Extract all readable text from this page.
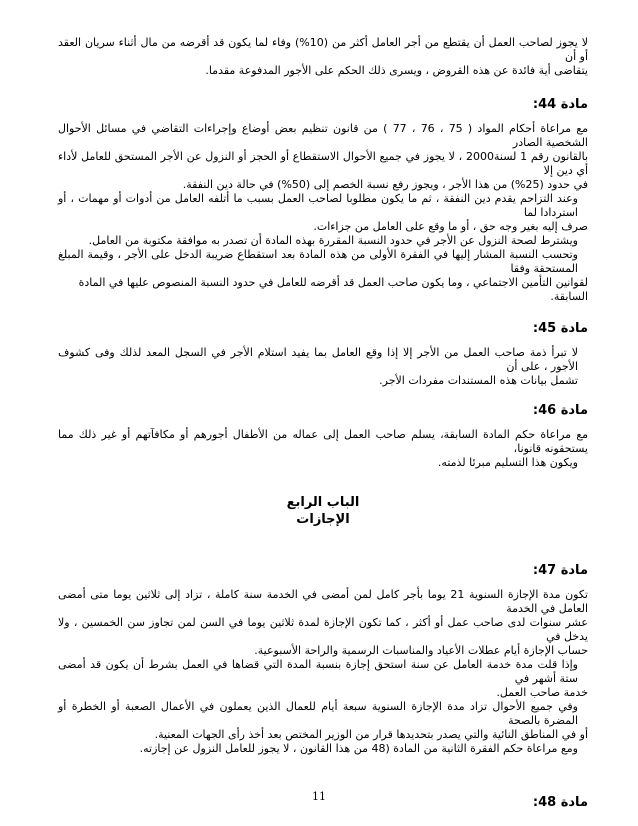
لا يجوز لصاحب العمل أن يقتطع من أجر العامل أكثر من (10%) وفاء لما يكون قد أقرضه من مال أثناء سريان العقد أو أن

يتقاضى أية فائدة عن هذه القروض ، ويسرى ذلك الحكم على الأجور المدفوعة مقدما.

مادة 44:

مع مراعاة أحكام المواد ( 75 ، 76 ، 77 ) من قانون تنظيم بعض أوضاع وإجراءات التقاضي في مسائل الأحوال الشخصية الصادر

بالقانون رقم 1 لسنة2000 ، لا يجوز في جميع الأحوال الاستقطاع أو الحجز أو النزول عن الأجر المستحق للعامل لأداء أي دين إلا

في حدود (25%) من هذا الأجر ، ويجوز رفع نسبة الخصم إلى (50%) في حالة دين النفقة.

وعند التزاحم يقدم دين النفقة ، ثم ما يكون مطلوبا لصاحب العمل بسبب ما أتلفه العامل من أدوات أو مهمات ، أو استردادا لما

صرف إليه بغير وجه حق ، أو ما وقع على العامل من جزاءات.

ويشترط لصحة النزول عن الأجر في حدود النسبة المقررة بهذه المادة أن تصدر به موافقة مكتوبة من العامل.

وتحسب النسبة المشار إليها في الفقرة الأولى من هذه المادة بعد استقطاع ضريبة الدخل على الأجر ، وقيمة المبلغ المستحقة وفقا

لقوانين التأمين الاجتماعي ، وما يكون صاحب العمل قد أقرضه للعامل في حدود النسبة المنصوص عليها في المادة السابقة.

مادة 45:

لا تبرأ ذمة صاحب العمل من الأجر إلا إذا وقع العامل بما يفيد استلام الأجر في السجل المعد لذلك وفى كشوف الأجور ، على أن

تشمل بيانات هذه المستندات مفردات الأجر.

مادة 46:

مع مراعاة حكم المادة السابقة، يسلم صاحب العمل إلى عماله من الأطفال أجورهم أو مكافآتهم أو غير ذلك مما يستحقونه قانونا،

ويكون هذا التسليم مبرئا لذمته.

الباب الرابع

الإجازات

مادة 47:

تكون مدة الإجازة السنوية 21 يوما بأجر كامل لمن أمضى في الخدمة سنة كاملة ، تزاد إلى ثلاثين يوما متى أمضى العامل في الخدمة

عشر سنوات لدى صاحب عمل أو أكثر ، كما تكون الإجازة لمدة ثلاثين يوما في السن لمن تجاوز سن الخمسين ، ولا يدخل في

حساب الإجازة أيام عطلات الأعياد والمناسبات الرسمية والراحة الأسبوعية.

وإذا قلت مدة خدمة العامل عن سنة استحق إجازة بنسبة المدة التي قضاها في العمل بشرط أن يكون قد أمضى ستة أشهر في

خدمة صاحب العمل.

وفي جميع الأحوال تزاد مدة الإجازة السنوية سبعة أيام للعمال الذين يعملون في الأعمال الصعبة أو الخطرة أو المضرة بالصحة

أو في المناطق النائية والتي يصدر بتحديدها قرار من الوزير المختص بعد أخذ رأى الجهات المعنية.

ومع مراعاة حكم الفقرة الثانية من المادة (48 من هذا القانون ، لا يجوز للعامل النزول عن إجازته.

مادة 48:

11
